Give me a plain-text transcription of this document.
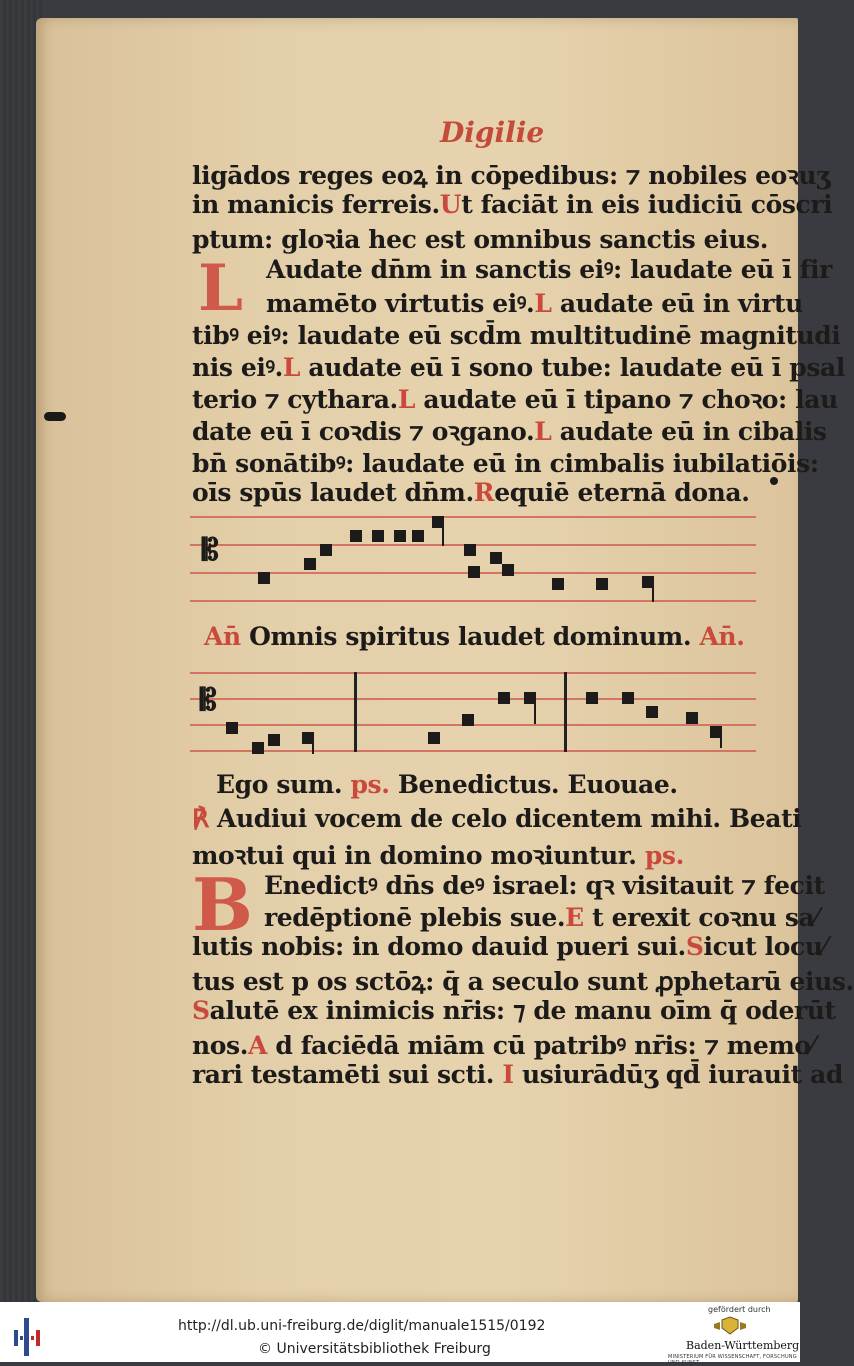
Digilie
ligādos reges eoꝝ in cōpedibus: ⁊ nobiles eoꝛuʒ
in manicis ferreis.Ut faciāt in eis iudiciū cōscri
ptum: gloꝛia hec est omnibus sanctis eius.
L Audate dn̄m in sanctis eiꝰ: laudate eū ī fir
mamēto virtutis eiꝰ.L audate eū in virtu
tibꝰ eiꝰ: laudate eū scd̄m multitudinē magnitudi
nis eiꝰ.L audate eū ī sono tube: laudate eū ī psal
terio ⁊ cythara.L audate eū ī tipano ⁊ choꝛo: lau
date eū ī coꝛdis ⁊ oꝛgano.L audate eū in cibalis
bn̄ sonātibꝰ: laudate eū in cimbalis iubilatiōis:
oīs spūs laudet dn̄m.Requiē eternā dona.
𝄡
An̄ Omnis spiritus laudet dominum. An̄.
𝄡
Ego sum. ps. Benedictus. Euouae.
℟ Audiui vocem de celo dicentem mihi. Beati
moꝛtui qui in domino moꝛiuntur. ps.
B Enedictꝰ dn̄s deꝰ israel: qꝛ visitauit ⁊ fecit
redēptionē plebis sue.E t erexit coꝛnu sa⁄
lutis nobis: in domo dauid pueri sui.Sicut locu⁄
tus est p os sctōꝝ: q̄ a seculo sunt ꝓphetarū eius.
Salutē ex inimicis nr̄is: ⁊ de manu oīm q̄ oderūt
nos.A d faciēdā miām cū patribꝰ nr̄is: ⁊ memo⁄
rari testamēti sui scti. I usiurādūʒ qd̄ iurauit ad
http://dl.ub.uni-freiburg.de/diglit/manuale1515/0192
© Universitätsbibliothek Freiburg
gefördert durch
Baden-Württemberg
MINISTERIUM FÜR WISSENSCHAFT, FORSCHUNG UND KUNST
